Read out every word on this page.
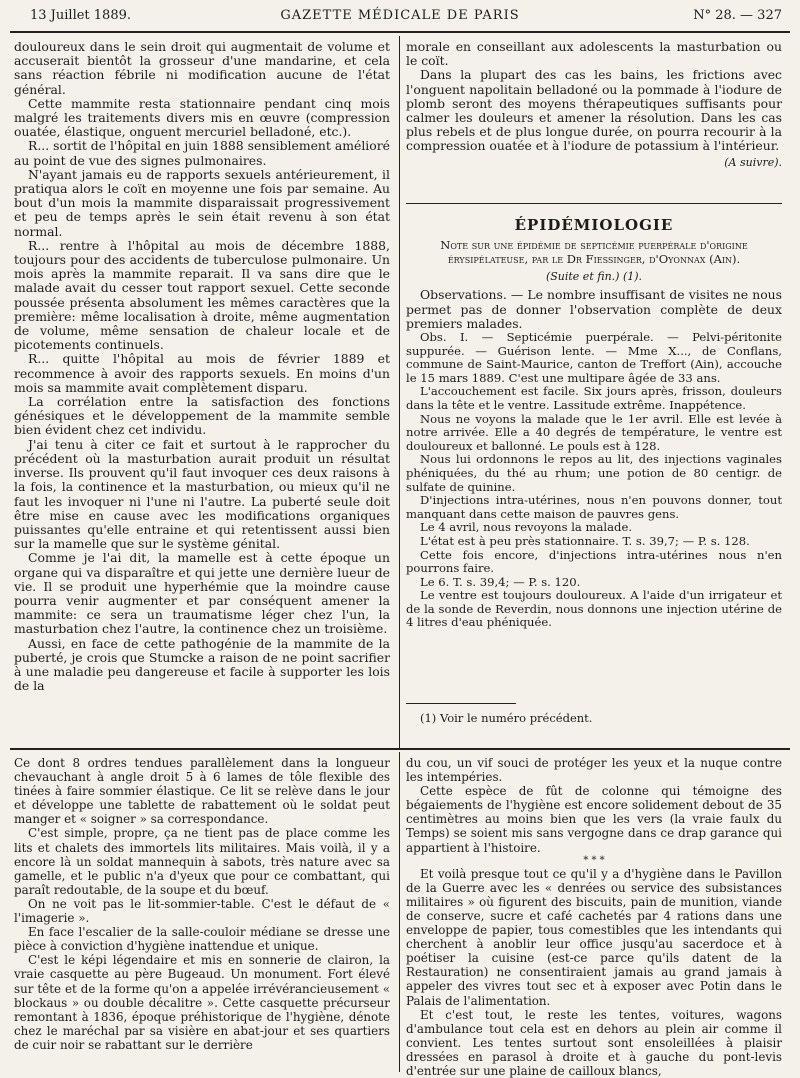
13 Juillet 1889.	GAZETTE MÉDICALE DE PARIS	N° 28. — 327

douloureux dans le sein droit qui augmentait de volume et accuserait bientôt la grosseur d'une mandarine, et cela sans réaction fébrile ni modification aucune de l'état général.

Cette mammite resta stationnaire pendant cinq mois malgré les traitements divers mis en œuvre (compression ouatée, élastique, onguent mercuriel belladoné, etc.).

R... sortit de l'hôpital en juin 1888 sensiblement amélioré au point de vue des signes pulmonaires.

N'ayant jamais eu de rapports sexuels antérieurement, il pratiqua alors le coït en moyenne une fois par semaine. Au bout d'un mois la mammite disparaissait progressivement et peu de temps après le sein était revenu à son état normal.

R... rentre à l'hôpital au mois de décembre 1888, toujours pour des accidents de tuberculose pulmonaire. Un mois après la mammite reparait. Il va sans dire que le malade avait du cesser tout rapport sexuel. Cette seconde poussée présenta absolument les mêmes caractères que la première: même localisation à droite, même augmentation de volume, même sensation de chaleur locale et de picotements continuels.

R... quitte l'hôpital au mois de février 1889 et recommence à avoir des rapports sexuels. En moins d'un mois sa mammite avait complètement disparu.

La corrélation entre la satisfaction des fonctions génésiques et le développement de la mammite semble bien évident chez cet individu.

J'ai tenu à citer ce fait et surtout à le rapprocher du précédent où la masturbation aurait produit un résultat inverse. Ils prouvent qu'il faut invoquer ces deux raisons à la fois, la continence et la masturbation, ou mieux qu'il ne faut les invoquer ni l'une ni l'autre. La puberté seule doit être mise en cause avec les modifications organiques puissantes qu'elle entraine et qui retentissent aussi bien sur la mamelle que sur le système génital.

Comme je l'ai dit, la mamelle est à cette époque un organe qui va disparaître et qui jette une dernière lueur de vie. Il se produit une hyperhémie que la moindre cause pourra venir augmenter et par conséquent amener la mammite: ce sera un traumatisme léger chez l'un, la masturbation chez l'autre, la continence chez un troisième.

Aussi, en face de cette pathogénie de la mammite de la puberté, je crois que Stumcke a raison de ne point sacrifier à une maladie peu dangereuse et facile à supporter les lois de la

morale en conseillant aux adolescents la masturbation ou le coït.

Dans la plupart des cas les bains, les frictions avec l'onguent napolitain belladoné ou la pommade à l'iodure de plomb seront des moyens thérapeutiques suffisants pour calmer les douleurs et amener la résolution. Dans les cas plus rebels et de plus longue durée, on pourra recourir à la compression ouatée et à l'iodure de potassium à l'intérieur.

(A suivre).
ÉPIDÉMIOLOGIE
Note sur une épidémie de septicémie puerpérale d'origine érysipélateuse, par le Dr Fiessinger, d'Oyonnax (Ain).
(Suite et fin.) (1).

Observations. — Le nombre insuffisant de visites ne nous permet pas de donner l'observation complète de deux premiers malades.

Obs. I. — Septicémie puerpérale. — Pelvi-péritonite suppurée. — Guérison lente. — Mme X..., de Conflans, commune de Saint-Maurice, canton de Treffort (Ain), accouche le 15 mars 1889. C'est une multipare âgée de 33 ans.

L'accouchement est facile. Six jours après, frisson, douleurs dans la tête et le ventre. Lassitude extrême. Inappétence.

Nous ne voyons la malade que le 1er avril. Elle est levée à notre arrivée. Elle a 40 degrés de température, le ventre est douloureux et ballonné. Le pouls est à 128.

Nous lui ordonnons le repos au lit, des injections vaginales phéniquées, du thé au rhum; une potion de 80 centigr. de sulfate de quinine.

D'injections intra-utérines, nous n'en pouvons donner, tout manquant dans cette maison de pauvres gens.

Le 4 avril, nous revoyons la malade.

L'état est à peu près stationnaire. T. s. 39,7; — P. s. 128.

Cette fois encore, d'injections intra-utérines nous n'en pourrons faire.

Le 6. T. s. 39,4; — P. s. 120.

Le ventre est toujours douloureux. A l'aide d'un irrigateur et de la sonde de Reverdin, nous donnons une injection utérine de 4 litres d'eau phéniquée.

(1) Voir le numéro précédent.

Ce dont 8 ordres tendues parallèlement dans la longueur chevauchant à angle droit 5 à 6 lames de tôle flexible des tinées à faire sommier élastique. Ce lit se relève dans le jour et développe une tablette de rabattement où le soldat peut manger et « soigner » sa correspondance.

C'est simple, propre, ça ne tient pas de place comme les lits et chalets des immortels lits militaires. Mais voilà, il y a encore là un soldat mannequin à sabots, très nature avec sa gamelle, et le public n'a d'yeux que pour ce combattant, qui paraît redoutable, de la soupe et du bœuf.

On ne voit pas le lit-sommier-table. C'est le défaut de « l'imagerie ».

En face l'escalier de la salle-couloir médiane se dresse une pièce à conviction d'hygiène inattendue et unique.

C'est le képi légendaire et mis en sonnerie de clairon, la vraie casquette au père Bugeaud. Un monument. Fort élevé sur tête et de la forme qu'on a appelée irrévérancieusement « blockaus » ou double décalitre ». Cette casquette précurseur remontant à 1836, époque préhistorique de l'hygiène, dénote chez le maréchal par sa visière en abat-jour et ses quartiers de cuir noir se rabattant sur le derrière

du cou, un vif souci de protéger les yeux et la nuque contre les intempéries.

Cette espèce de fût de colonne qui témoigne des bégaiements de l'hygiène est encore solidement debout de 35 centimètres au moins bien que les vers (la vraie faulx du Temps) se soient mis sans vergogne dans ce drap garance qui appartient à l'histoire.

* * *

Et voilà presque tout ce qu'il y a d'hygiène dans le Pavillon de la Guerre avec les « denrées ou service des subsistances militaires » où figurent des biscuits, pain de munition, viande de conserve, sucre et café cachetés par 4 rations dans une enveloppe de papier, tous comestibles que les intendants qui cherchent à anoblir leur office jusqu'au sacerdoce et à poétiser la cuisine (est-ce parce qu'ils datent de la Restauration) ne consentiraient jamais au grand jamais à appeler des vivres tout sec et à exposer avec Potin dans le Palais de l'alimentation.

Et c'est tout, le reste les tentes, voitures, wagons d'ambulance tout cela est en dehors au plein air comme il convient. Les tentes surtout sont ensoleillées à plaisir dressées en parasol à droite et à gauche du pont-levis d'entrée sur une plaine de cailloux blancs,
